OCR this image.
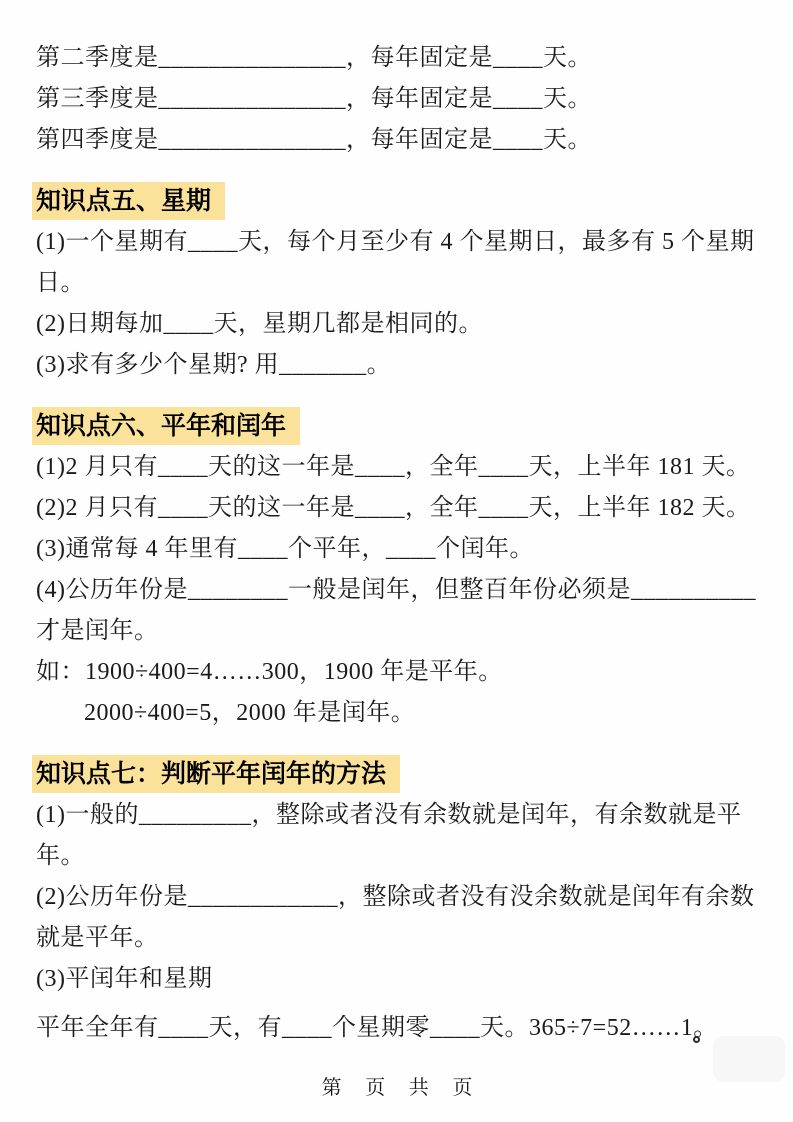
第二季度是_______________，每年固定是____天。
第三季度是_______________，每年固定是____天。
第四季度是_______________，每年固定是____天。
知识点五、星期
(1)一个星期有____天，每个月至少有 4 个星期日，最多有 5 个星期
日。
(2)日期每加____天，星期几都是相同的。
(3)求有多少个星期? 用_______。
知识点六、平年和闰年
(1)2 月只有____天的这一年是____，全年____天，上半年 181 天。
(2)2 月只有____天的这一年是____，全年____天，上半年 182 天。
(3)通常每 4 年里有____个平年，____个闰年。
(4)公历年份是________一般是闰年，但整百年份必须是__________
才是闰年。
如：1900÷400=4……300，1900 年是平年。
2000÷400=5，2000 年是闰年。
知识点七：判断平年闰年的方法
(1)一般的_________，整除或者没有余数就是闰年，有余数就是平
年。
(2)公历年份是____________，整除或者没有没余数就是闰年有余数
就是平年。
(3)平闰年和星期
平年全年有____天，有____个星期零____天。365÷7=52……1。
第 页 共 页
